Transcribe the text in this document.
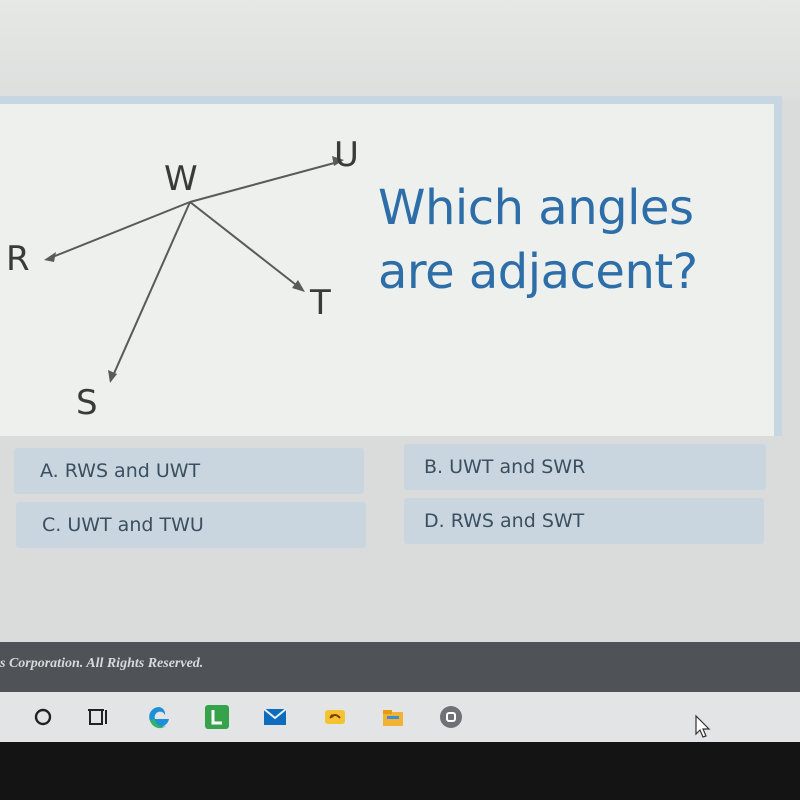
W
U
R
T
S
Which angles
are adjacent?
A. RWS and UWT	B. UWT and SWR
C. UWT and TWU	D. RWS and SWT
s Corporation. All Rights Reserved.
